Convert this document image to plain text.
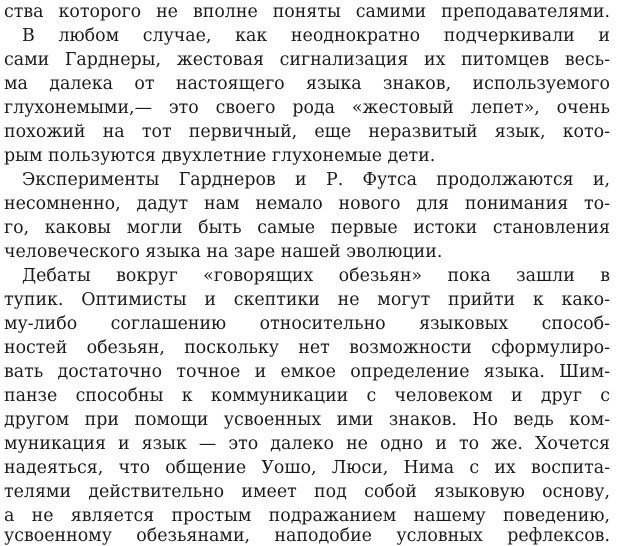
ства которого не вполне поняты самими преподавателями.
В любом случае, как неоднократно подчеркивали и
сами Гарднеры, жестовая сигнализация их питомцев весь-
ма далека от настоящего языка знаков, используемого
глухонемыми,— это своего рода «жестовый лепет», очень
похожий на тот первичный, еще неразвитый язык, кото-
рым пользуются двухлетние глухонемые дети.
Эксперименты Гарднеров и Р. Футса продолжаются и,
несомненно, дадут нам немало нового для понимания то-
го, каковы могли быть самые первые истоки становления
человеческого языка на заре нашей эволюции.
Дебаты вокруг «говорящих обезьян» пока зашли в
тупик. Оптимисты и скептики не могут прийти к како-
му-либо соглашению относительно языковых способ-
ностей обезьян, поскольку нет возможности сформулиро-
вать достаточно точное и емкое определение языка. Шим-
панзе способны к коммуникации с человеком и друг с
другом при помощи усвоенных ими знаков. Но ведь ком-
муникация и язык — это далеко не одно и то же. Хочется
надеяться, что общение Уошо, Люси, Нима с их воспита-
телями действительно имеет под собой языковую основу,
а не является простым подражанием нашему поведению,
усвоенному обезьянами, наподобие условных рефлексов.
